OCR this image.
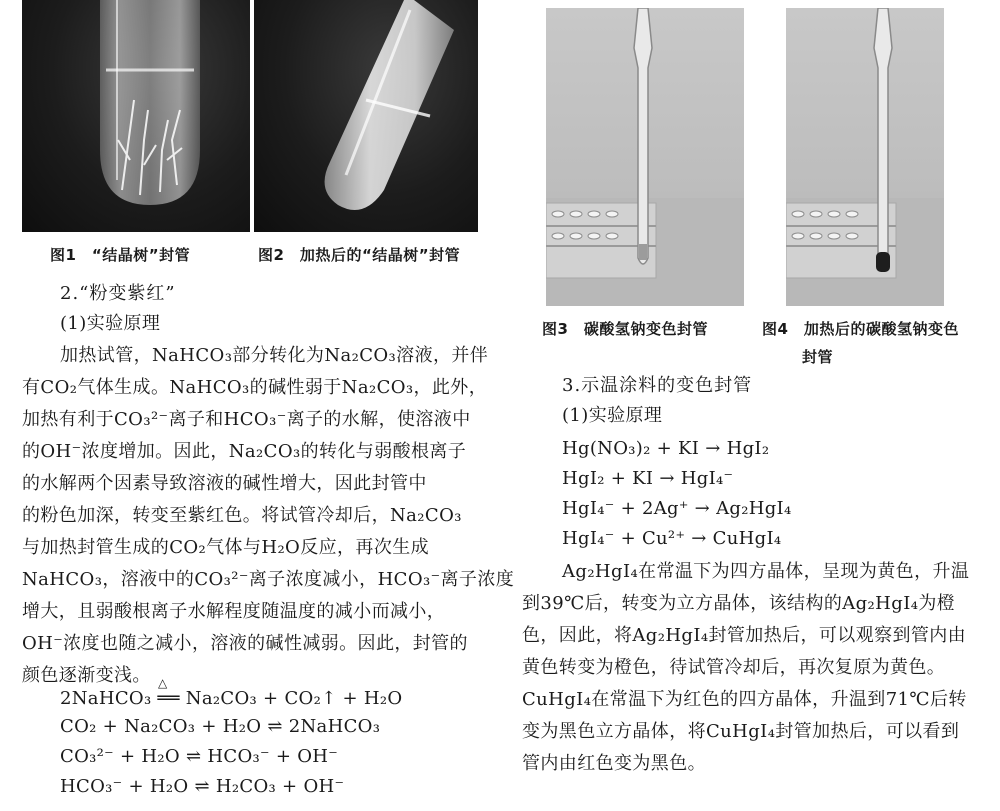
图1　“结晶树”封管	图2　加热后的“结晶树”封管
2.“粉变紫红”
(1)实验原理
加热试管，NaHCO₃部分转化为Na₂CO₃溶液，并伴
有CO₂气体生成。NaHCO₃的碱性弱于Na₂CO₃，此外，
加热有利于CO₃²⁻离子和HCO₃⁻离子的水解，使溶液中
的OH⁻浓度增加。因此，Na₂CO₃的转化与弱酸根离子
的水解两个因素导致溶液的碱性增大，因此封管中
的粉色加深，转变至紫红色。将试管冷却后，Na₂CO₃
与加热封管生成的CO₂气体与H₂O反应，再次生成
NaHCO₃，溶液中的CO₃²⁻离子浓度减小，HCO₃⁻离子浓度
增大，且弱酸根离子水解程度随温度的减小而减小，
OH⁻浓度也随之减小，溶液的碱性减弱。因此，封管的
颜色逐渐变浅。
2NaHCO₃ ══ Na₂CO₃ + CO₂↑ + H₂O
△
CO₂ + Na₂CO₃ + H₂O ⇌ 2NaHCO₃
CO₃²⁻ + H₂O ⇌ HCO₃⁻ + OH⁻
HCO₃⁻ + H₂O ⇌ H₂CO₃ + OH⁻
图3　碳酸氢钠变色封管	图4　加热后的碳酸氢钠变色
封管
3.示温涂料的变色封管
(1)实验原理
Hg(NO₃)₂ + KI → HgI₂
HgI₂ + KI → HgI₄⁻
HgI₄⁻ + 2Ag⁺ → Ag₂HgI₄
HgI₄⁻ + Cu²⁺ → CuHgI₄
Ag₂HgI₄在常温下为四方晶体，呈现为黄色，升温
到39℃后，转变为立方晶体，该结构的Ag₂HgI₄为橙
色，因此，将Ag₂HgI₄封管加热后，可以观察到管内由
黄色转变为橙色，待试管冷却后，再次复原为黄色。
CuHgI₄在常温下为红色的四方晶体，升温到71℃后转
变为黑色立方晶体，将CuHgI₄封管加热后，可以看到
管内由红色变为黑色。
